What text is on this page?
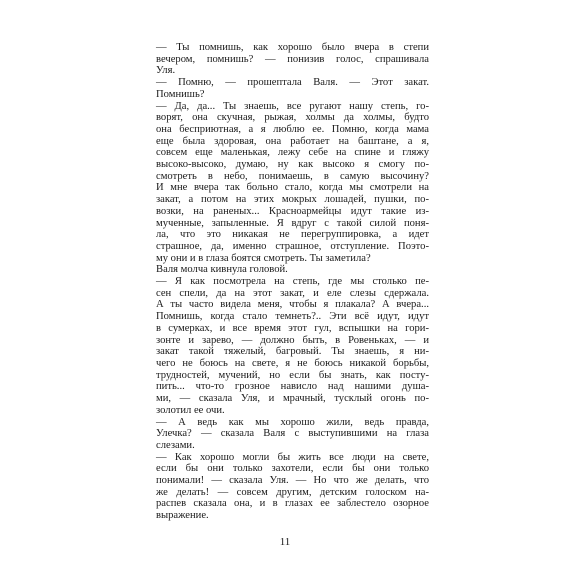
— Ты помнишь, как хорошо было вчера в степи
вечером, помнишь? — понизив голос, спрашивала
Уля.

— Помню, — прошептала Валя. — Этот закат.
Помнишь?

— Да, да... Ты знаешь, все ругают нашу степь, го-
ворят, она скучная, рыжая, холмы да холмы, будто
она бесприютная, а я люблю ее. Помню, когда мама
еще была здоровая, она работает на баштане, а я,
совсем еще маленькая, лежу себе на спине и гляжу
высоко-высоко, думаю, ну как высоко я смогу по-
смотреть в небо, понимаешь, в самую высочину?
И мне вчера так больно стало, когда мы смотрели на
закат, а потом на этих мокрых лошадей, пушки, по-
возки, на раненых... Красноармейцы идут такие из-
мученные, запыленные. Я вдруг с такой силой поня-
ла, что это никакая не перегруппировка, а идет
страшное, да, именно страшное, отступление. Поэто-
му они и в глаза боятся смотреть. Ты заметила?

Валя молча кивнула головой.

— Я как посмотрела на степь, где мы столько пе-
сен спели, да на этот закат, и еле слезы сдержала.
А ты часто видела меня, чтобы я плакала? А вчера...
Помнишь, когда стало темнеть?.. Эти всё идут, идут
в сумерках, и все время этот гул, вспышки на гори-
зонте и зарево, — должно быть, в Ровеньках, — и
закат такой тяжелый, багровый. Ты знаешь, я ни-
чего не боюсь на свете, я не боюсь никакой борьбы,
трудностей, мучений, но если бы знать, как посту-
пить... что-то грозное нависло над нашими душа-
ми, — сказала Уля, и мрачный, тусклый огонь по-
золотил ее очи.

— А ведь как мы хорошо жили, ведь правда,
Улечка? — сказала Валя с выступившими на глаза
слезами.

— Как хорошо могли бы жить все люди на свете,
если бы они только захотели, если бы они только
понимали! — сказала Уля. — Но что же делать, что
же делать! — совсем другим, детским голоском на-
распев сказала она, и в глазах ее заблестело озорное
выражение.

11
